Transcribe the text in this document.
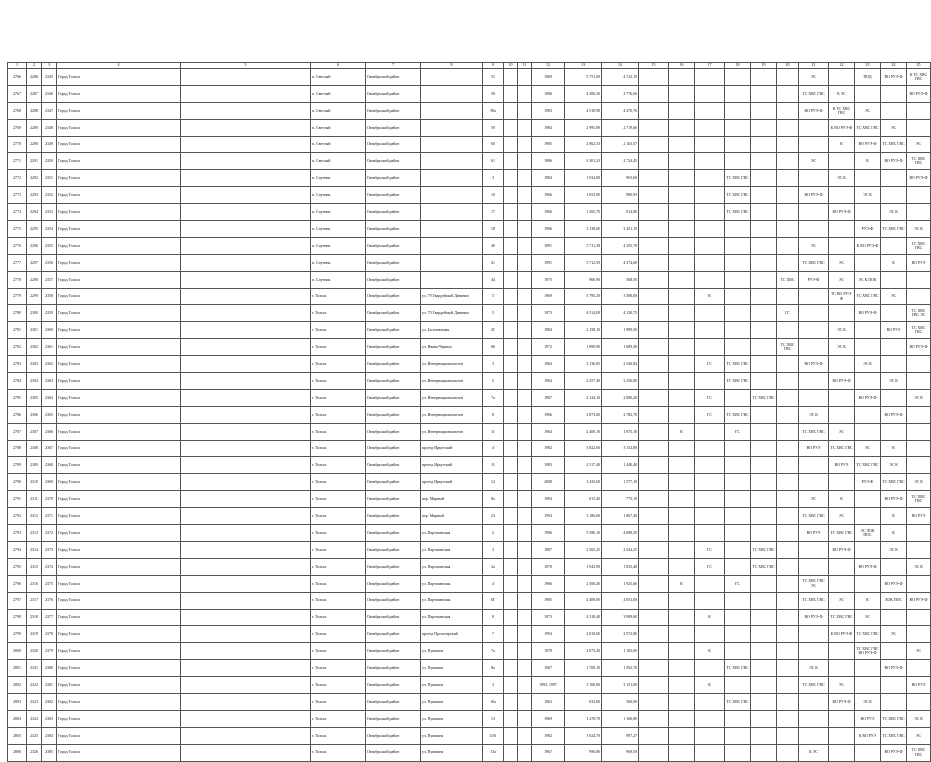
1	2	3	4	5	6	7	8	9	10	11	12	13	14	15	16	17	18	19	20	21	22	23	24	25
2766	2286	2345	Город Тольск		п. Светлый	Октябрьский район		51			1969	5 751,69	4 722,10							ЭС		ПОД	ВО РУЭ-Ф	К ТС ХВС ГВС
2767	2287	2346	Город Тольск		п. Светлый	Октябрьский район		58			1986	4 306,30	3 776,60							ТС ХВС ГВС	К ЭС			ВО РУЭ-Ф
2768	2288	2347	Город Тольск		п. Светлый	Октябрьский район		58а			1983	4 518,98	4 470,76							ВО РУЭ-Ф	К ТС ХВС ГВС	ЭС		
2769	2289	2348	Город Тольск		п. Светлый	Октябрьский район		59			1984	2 995,89	2 719,60								К ВО РУЭ-Ф	ТС ХВС ГВС	ЭС	
2770	2290	2349	Город Тольск		п. Светлый	Октябрьский район		60			1985	2 862,53	2 163,57								К	ВО РУЭ-Ф	ТС ХВС ГВС	ЭС
2771	2291	2350	Город Тольск		п. Светлый	Октябрьский район		61			1986	3 301,23	2 724,45							ЭС		К	ВО РУЭ-Ф	ТС ХВС ГВС
2772	2292	2351	Город Тольск		п. Спутник	Октябрьский район		3			1984	1 034,08	965,60				ТС ХВС ГВС				ЭС К			ВО РУЭ-Ф
2773	2293	2352	Город Тольск		п. Спутник	Октябрьский район		16			1966	1 053,90	980,93				ТС ХВС ГВС			ВО РУЭ-Ф		ЭС К		
2774	2294	2353	Город Тольск		п. Спутник	Октябрьский район		17			1966	1 365,70	914,80				ТС ХВС ГВС				ВО РУЭ-Ф		ЭС К	
2775	2295	2354	Город Тольск		п. Спутник	Октябрьский район		18			1966	3 138,60	2 451,10									РУЭ-Ф	ТС ХВС ГВС	ЭС К
2776	2296	2355	Город Тольск		п. Спутник	Октябрьский район		40			1991	5 711,38	4 355,70							ЭС		К ВО РУЭ-Ф		ТС ХВС ГВС
2777	2297	2356	Город Тольск		п. Спутник	Октябрьский район		41			1991	5 712,59	4 374,60							ТС ХВС ГВС	ЭС		К	ВО РУЭ
2778	2298	2357	Город Тольск		п. Спутник	Октябрьский район		44			1975	966,90	568,50						ТС ХВС	РУЭ-Ф	ЭС	ЭС К ПОК		
2779	2299	2358	Город Тольск		г. Тольск	Октябрьский район	ул. 79 Гвардейской Дивизии	3			1969	3 795,20	3 588,00			К					ТС ВО РУЭ-Ф	ТС ХВС ГВС	ЭС	
2780	2300	2359	Город Тольск		г. Тольск	Октябрьский район	ул. 79 Гвардейской Дивизии	5			1973	4 514,00	4 120,75						ГС			ВО РУЭ-Ф		ТС ХВС ГВС ЭС
2781	2301	2360	Город Тольск		г. Тольск	Октябрьский район	ул. Болотничная	3С			1984	2 158,10	1 989,50								ЭС К		ВО РУЭ	ТС ХВС ГВС
2782	2302	2361	Город Тольск		г. Тольск	Октябрьский район	ул. Ивана-Черных	86			1972	1 898,90	1 689,30						ТС ХВС ГВС		ЭС К			ВО РУЭ-Ф
2783	2303	2362	Город Тольск		г. Тольск	Октябрьский район	ул. Интернационалистов	3			1964	3 136,85	2 546,84			ГС	ТС ХВС ГВС			ВО РУЭ-Ф		ЭС К		
2784	2304	2363	Город Тольск		г. Тольск	Октябрьский район	ул. Интернационалистов	5			1964	2 257,30	2 256,80				ТС ХВС ГВС				ВО РУЭ-Ф		ЭС К	
2785	2305	2364	Город Тольск		г. Тольск	Октябрьский район	ул. Интернационалистов	7а			1967	2 144,10	2 080,20			ГС		ТС ХВС ГВС				ВО РУЭ-Ф		ЭС К
2786	2306	2365	Город Тольск		г. Тольск	Октябрьский район	ул. Интернационалистов	8			1966	2 873,60	2 782,78			ГС	ТС ХВС ГВС			ЭС К			ВО РУЭ-Ф	
2787	2307	2366	Город Тольск		г. Тольск	Октябрьский район	ул. Интернационалистов	11			1964	2 469,10	1 875,10		К		ГС			ТС ХВС ГВС	ЭС			
2788	2308	2367	Город Тольск		г. Тольск	Октябрьский район	проезд Иркутский	4			1982	3 822,60	3 152,80							ВО РУЭ	ТС ХВС ГВС	ЭС	К	
2789	2309	2368	Город Тольск		г. Тольск	Октябрьский район	проезд Иркутский	11			1983	2 517,40	1 440,40								ВО РУЭ	ТС ХВС ГВС	ЭС К	
2790	2310	2369	Город Тольск		г. Тольск	Октябрьский район	проезд Иркутский	12			2008	3 435,60	1 577,10									РУЭ-Ф	ТС ХВС ГВС	ЭС К
2791	2311	2370	Город Тольск		г. Тольск	Октябрьский район	пер. Мирный	8а			1994	815,40	775,10							ЭС	К		ВО РУЭ-Ф	ТС ХВС ГВС
2792	2312	2371	Город Тольск		г. Тольск	Октябрьский район	пер. Мирный	23			1994	3 186,60	1 867,40							ТС ХВС ГВС	ЭС		К	ВО РУЭ
2793	2313	2372	Город Тольск		г. Тольск	Октябрьский район	ул. Партизанская	2			1986	5 586,10	4 688,50							ВО РУЭ	ТС ХВС ГВС	ЭС ЛОК ПОС	К	
2794	2314	2373	Город Тольск		г. Тольск	Октябрьский район	ул. Партизанская	3			1987	2 565,25	2 544,25			ГС		ТС ХВС ГВС			ВО РУЭ-Ф		ЭС К	
2795	2315	2374	Город Тольск		г. Тольск	Октябрьский район	ул. Партизанская	3а			1970	1 943,90	1 833,40			ГС		ТС ХВС ГВС				ВО РУЭ-Ф		ЭС К
2796	2316	2375	Город Тольск		г. Тольск	Октябрьский район	ул. Партизанская	4			1966	2 500,40	1 925,60		К		ГС			ТС ХВС ГВС ЭС			ВО РУЭ-Ф	
2797	2317	2376	Город Тольск		г. Тольск	Октябрьский район	ул. Партизанская	6Г			1985	4 408,00	4 053,00							ТС ХВС ГВС	ЭС	К	ЛОК ПОС	ВО РУЭ-Ф
2798	2318	2377	Город Тольск		г. Тольск	Октябрьский район	ул. Партизанская	8			1973	4 318,40	3 989,60			К				ВО РУЭ-Ф	ТС ХВС ГВС	ЭС		
2799	2319	2378	Город Тольск		г. Тольск	Октябрьский район	проезд Пролетарский	7			1994	2 818,60	2 572,80								К ВО РУЭ-Ф	ТС ХВС ГВС	ЭС	
2800	2320	2379	Город Тольск		г. Тольск	Октябрьский район	ул. Пушкина	7а			1979	2 073,20	1 182,00			К						ТС ХВС ГВС ВО РУЭ-Ф		ЭС
2801	2321	2380	Город Тольск		г. Тольск	Октябрьский район	ул. Пушкина	8а			1967	1 708,10	1 592,70				ТС ХВС ГВС			ЭС К			ВО РУЭ-Ф	
2802	2322	2381	Город Тольск		г. Тольск	Октябрьский район	ул. Пушкина	3			1993, 1997	3 160,00	3 151,00			К				ТС ХВС ГВС	ЭС			ВО РУЭ
2803	2323	2382	Город Тольск		г. Тольск	Октябрьский район	ул. Пушкина	10а			1963	633,00	560,00				ТС ХВС ГВС				ВО РУЭ-Ф	ЭС К		
2804	2324	2383	Город Тольск		г. Тольск	Октябрьский район	ул. Пушкина	13			1969	1 278,78	1 160,80									ВО РУЭ	ТС ХВС ГВС	ЭС К
2805	2325	2384	Город Тольск		г. Тольск	Октябрьский район	ул. Пушкина	10А			1982	1 024,70	997,27									К ВО РУЭ	ТС ХВС ГВС	ЭС
2806	2326	2385	Город Тольск		г. Тольск	Октябрьский район	ул. Пушкина	13а			1967	996,80	969,50							К ЭС			ВО РУЭ-Ф	ТС ХВС ГВС
